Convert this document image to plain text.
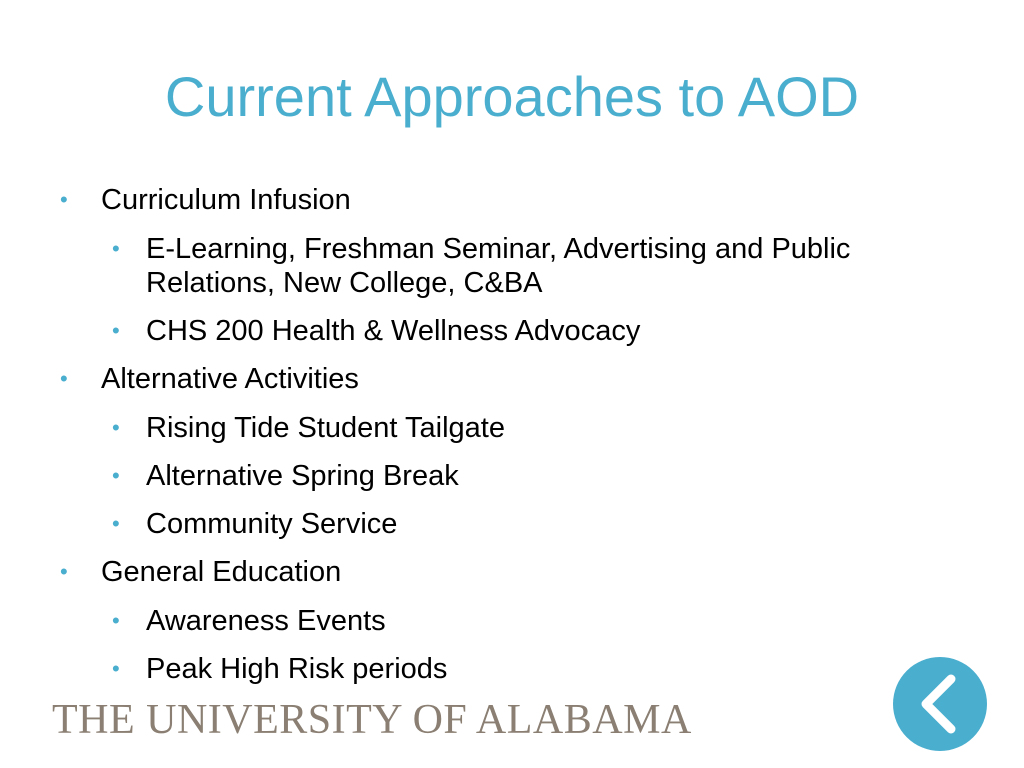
Current Approaches to AOD
• Curriculum Infusion
• E-Learning, Freshman Seminar, Advertising and Public Relations, New College, C&BA
• CHS 200 Health & Wellness Advocacy
• Alternative Activities
• Rising Tide Student Tailgate
• Alternative Spring Break
• Community Service
• General Education
• Awareness Events
• Peak High Risk periods
THE UNIVERSITY OF ALABAMA
